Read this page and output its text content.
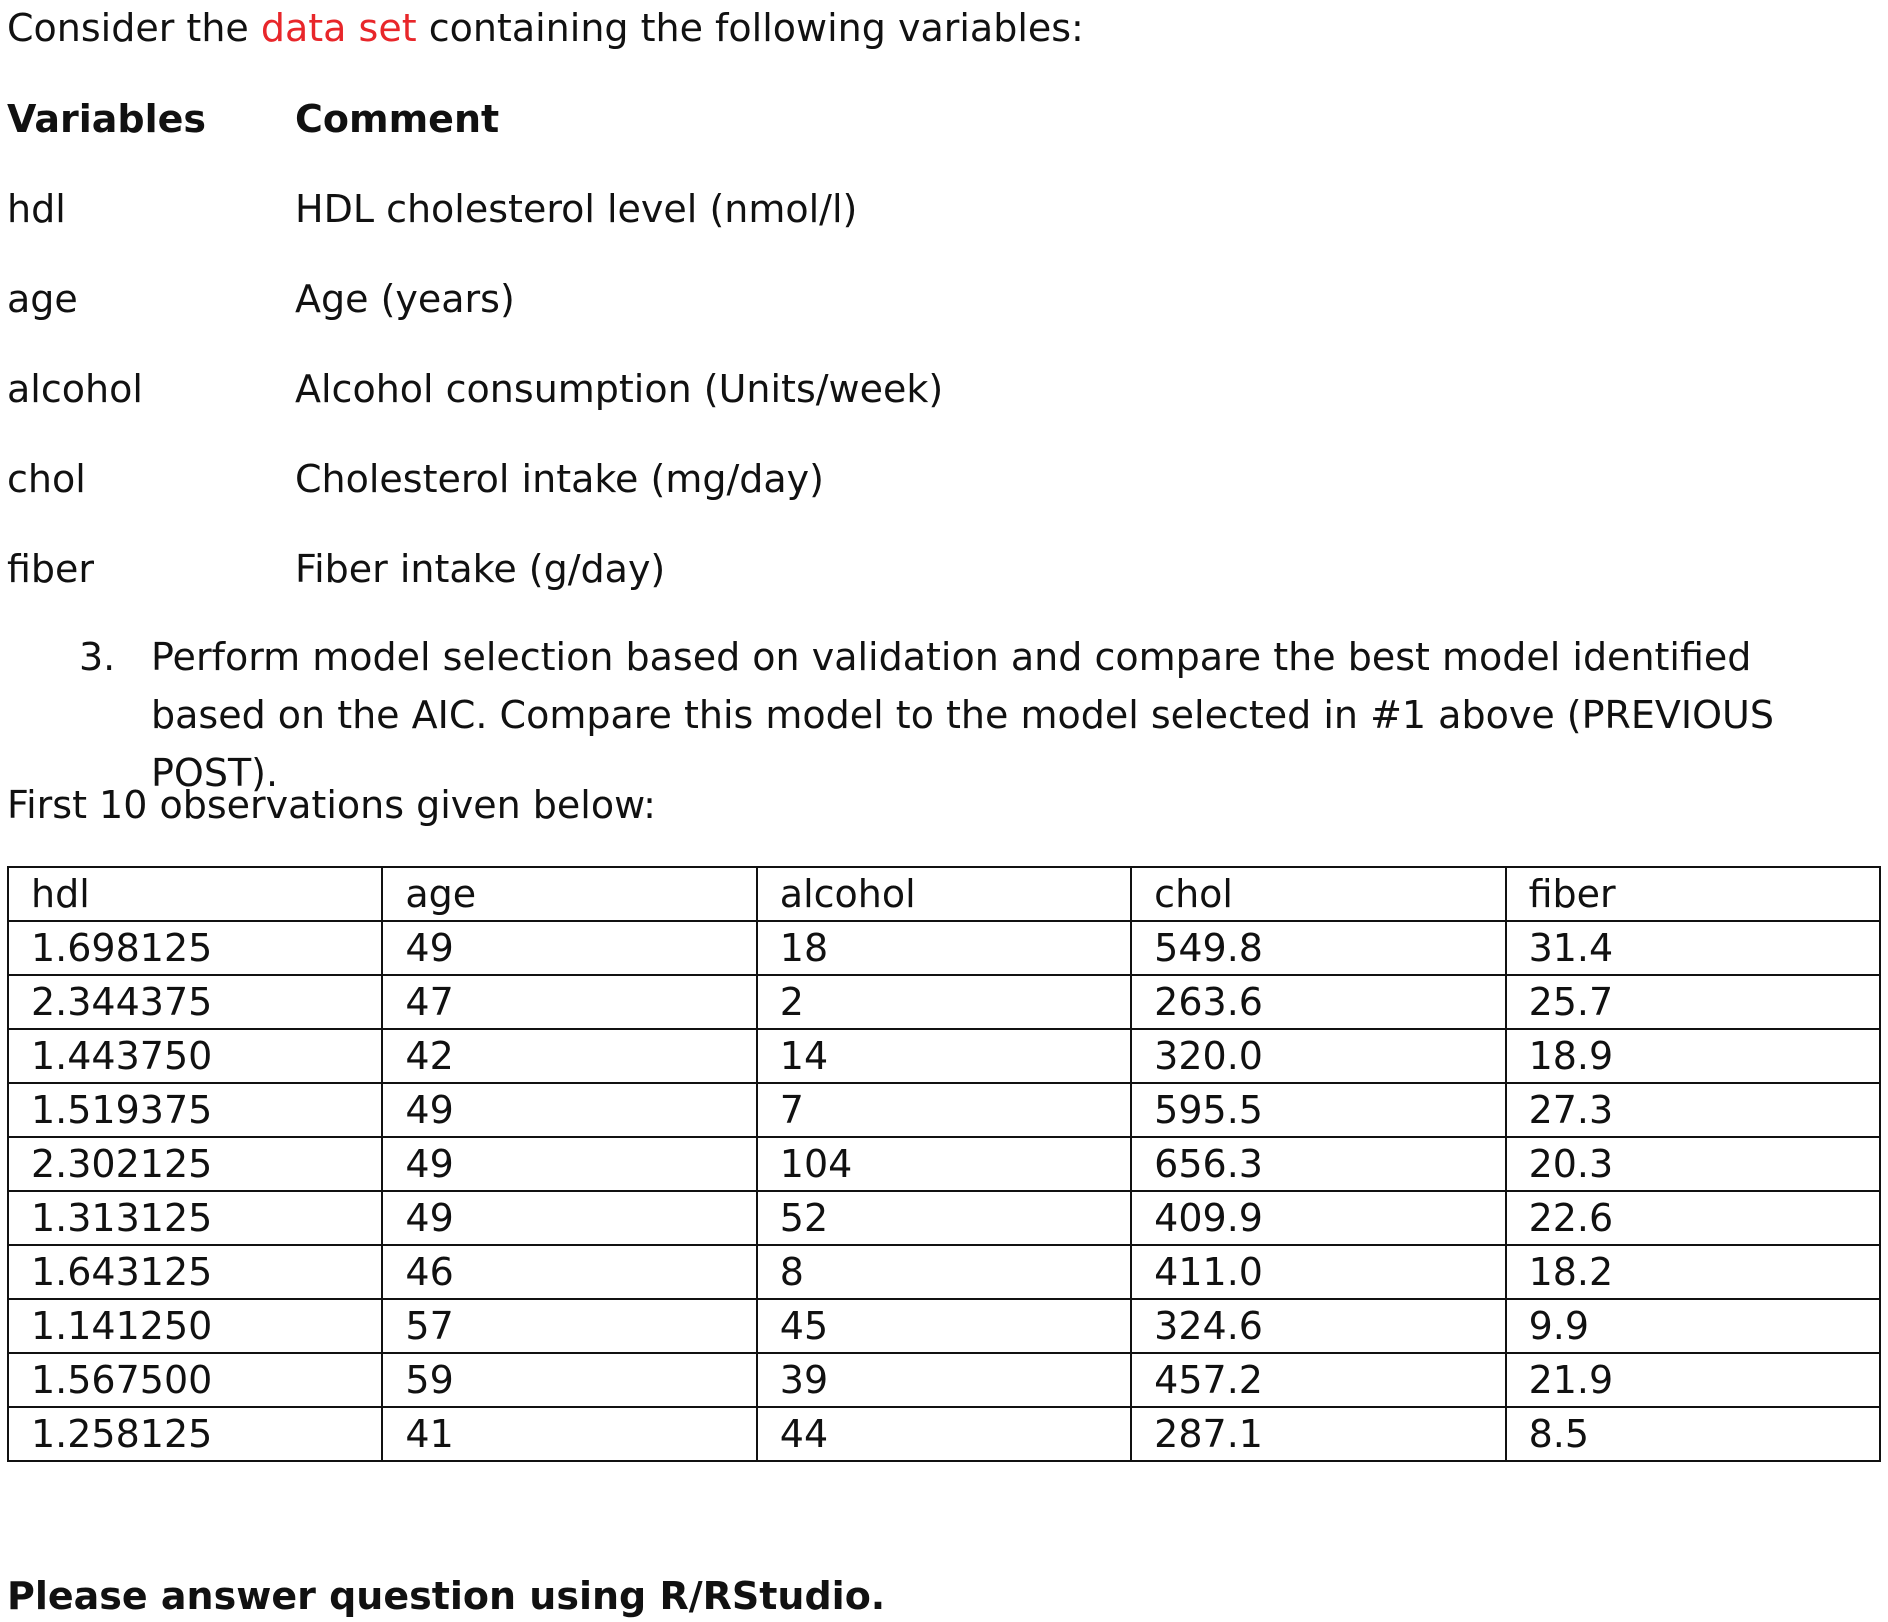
Consider the data set containing the following variables:
Variables Comment
hdl	HDL cholesterol level (nmol/l)
age	Age (years)
alcohol	Alcohol consumption (Units/week)
chol	Cholesterol intake (mg/day)
fiber	Fiber intake (g/day)
3. Perform model selection based on validation and compare the best model identified based on the AIC. Compare this model to the model selected in #1 above (PREVIOUS POST).
First 10 observations given below:
hdl	age	alcohol	chol	fiber
1.698125	49	18	549.8	31.4
2.344375	47	2	263.6	25.7
1.443750	42	14	320.0	18.9
1.519375	49	7	595.5	27.3
2.302125	49	104	656.3	20.3
1.313125	49	52	409.9	22.6
1.643125	46	8	411.0	18.2
1.141250	57	45	324.6	9.9
1.567500	59	39	457.2	21.9
1.258125	41	44	287.1	8.5
Please answer question using R/RStudio.
